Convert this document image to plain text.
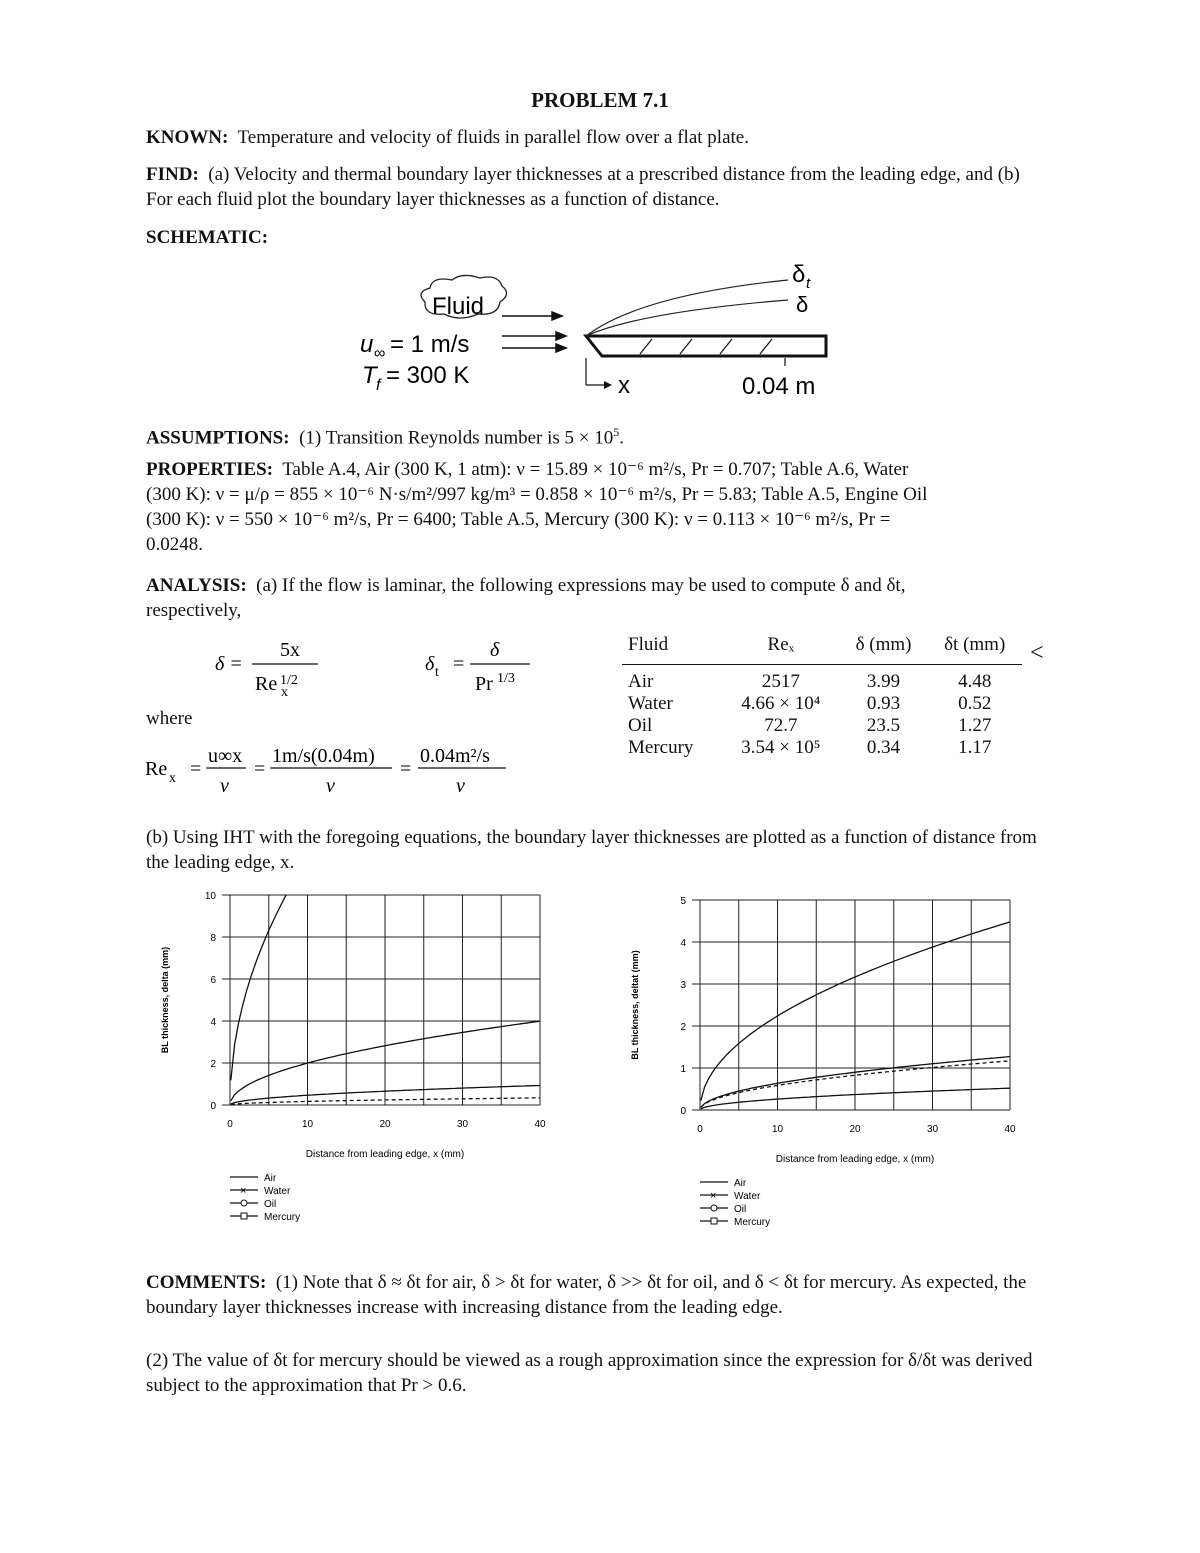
PROBLEM 7.1
KNOWN: Temperature and velocity of fluids in parallel flow over a flat plate.
FIND: (a) Velocity and thermal boundary layer thicknesses at a prescribed distance from the leading edge, and (b) For each fluid plot the boundary layer thicknesses as a function of distance.
SCHEMATIC:
Fluid
u ∞ = 1 m/s
T f = 300 K
δ t
δ
x	0.04 m
ASSUMPTIONS: (1) Transition Reynolds number is $5 \times 10^5$.
PROPERTIES: Table A.4, Air (300 K, 1 atm): ν = 15.89 × 10⁻⁶ m²/s, Pr = 0.707; Table A.6, Water
(300 K): ν = μ/ρ = 855 × 10⁻⁶ N·s/m²/997 kg/m³ = 0.858 × 10⁻⁶ m²/s, Pr = 5.83; Table A.5, Engine Oil
(300 K): ν = 550 × 10⁻⁶ m²/s, Pr = 6400; Table A.5, Mercury (300 K): ν = 0.113 × 10⁻⁶ m²/s, Pr =
0.0248.
ANALYSIS: (a) If the flow is laminar, the following expressions may be used to compute δ and δt,
respectively,
δ =
5x
Re 1/2
x
δ t =
δ
Pr 1/3
Re x =
u∞x
ν
=
1m/s(0.04m)
ν
=
0.04m²/s
ν
where
Fluid	Reₓ	δ (mm)	δt (mm)
Air	2517	3.99	4.48
Water	4.66 × 10⁴	0.93	0.52
Oil	72.7	23.5	1.27
Mercury	3.54 × 10⁵	0.34	1.17
<
(b) Using IHT with the foregoing equations, the boundary layer thicknesses are plotted as a function of distance from the leading edge, x.
0	10	20	30	40
0
2
4
6
8
10
Distance from leading edge, x (mm)
BL thickness, delta (mm)
Air
× Water
Oil
Mercury
0	10	20	30	40
0
1
2
3
4
5
Distance from leading edge, x (mm)
BL thickness, deltat (mm)
Air
× Water
Oil
Mercury
COMMENTS: (1) Note that δ ≈ δt for air, δ > δt for water, δ >> δt for oil, and δ < δt for mercury. As expected, the boundary layer thicknesses increase with increasing distance from the leading edge.
(2) The value of δt for mercury should be viewed as a rough approximation since the expression for δ/δt was derived subject to the approximation that Pr > 0.6.
